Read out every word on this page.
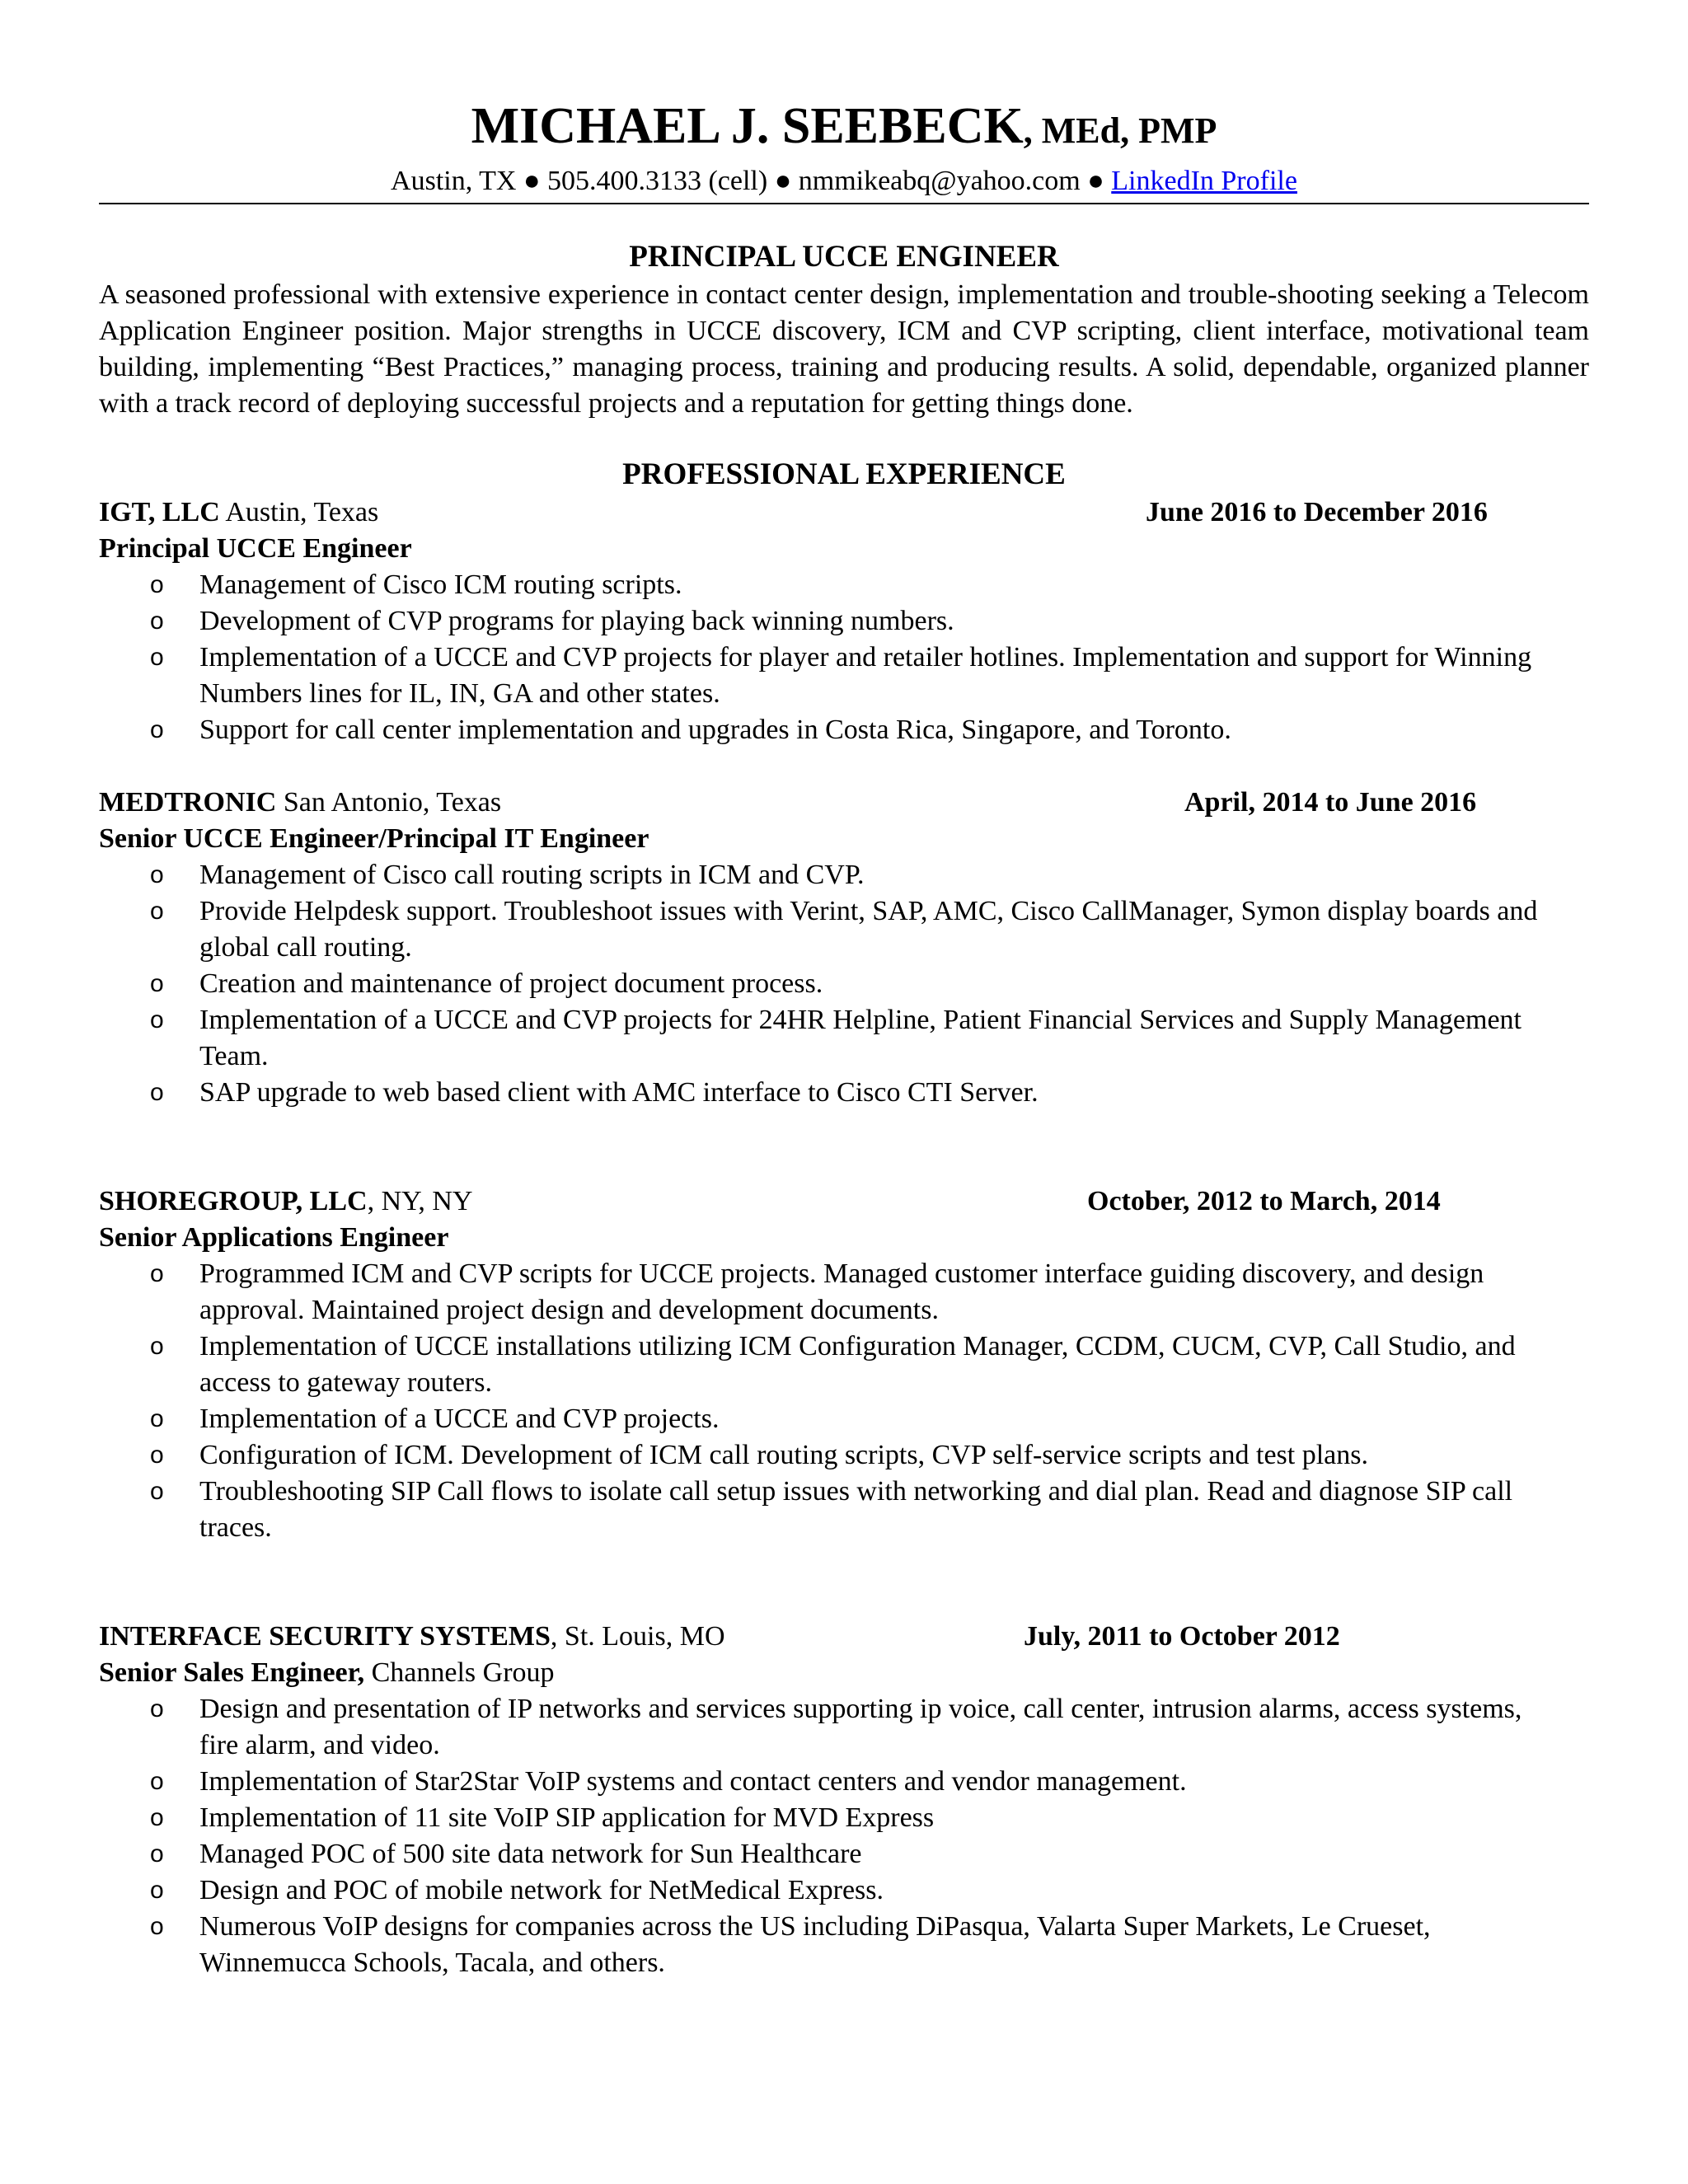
MICHAEL J. SEEBECK, MEd, PMP
Austin, TX ● 505.400.3133 (cell) ● nmmikeabq@yahoo.com ● LinkedIn Profile
PRINCIPAL UCCE ENGINEER

A seasoned professional with extensive experience in contact center design, implementation and trouble-shooting seeking a Telecom Application Engineer position. Major strengths in UCCE discovery, ICM and CVP scripting, client interface, motivational team building, implementing “Best Practices,” managing process, training and producing results. A solid, dependable, organized planner with a track record of deploying successful projects and a reputation for getting things done.

PROFESSIONAL EXPERIENCE
IGT, LLC Austin, Texas	June 2016 to December 2016
Principal UCCE Engineer
o Management of Cisco ICM routing scripts.
o Development of CVP programs for playing back winning numbers.
o Implementation of a UCCE and CVP projects for player and retailer hotlines. Implementation and support for Winning Numbers lines for IL, IN, GA and other states.
o Support for call center implementation and upgrades in Costa Rica, Singapore, and Toronto.
MEDTRONIC San Antonio, Texas	April, 2014 to June 2016
Senior UCCE Engineer/Principal IT Engineer
o Management of Cisco call routing scripts in ICM and CVP.
o Provide Helpdesk support. Troubleshoot issues with Verint, SAP, AMC, Cisco CallManager, Symon display boards and global call routing.
o Creation and maintenance of project document process.
o Implementation of a UCCE and CVP projects for 24HR Helpline, Patient Financial Services and Supply Management Team.
o SAP upgrade to web based client with AMC interface to Cisco CTI Server.
SHOREGROUP, LLC, NY, NY	October, 2012 to March, 2014
Senior Applications Engineer
o Programmed ICM and CVP scripts for UCCE projects. Managed customer interface guiding discovery, and design approval. Maintained project design and development documents.
o Implementation of UCCE installations utilizing ICM Configuration Manager, CCDM, CUCM, CVP, Call Studio, and access to gateway routers.
o Implementation of a UCCE and CVP projects.
o Configuration of ICM. Development of ICM call routing scripts, CVP self-service scripts and test plans.
o Troubleshooting SIP Call flows to isolate call setup issues with networking and dial plan. Read and diagnose SIP call traces.
INTERFACE SECURITY SYSTEMS, St. Louis, MO	July, 2011 to October 2012
Senior Sales Engineer, Channels Group
o Design and presentation of IP networks and services supporting ip voice, call center, intrusion alarms, access systems, fire alarm, and video.
o Implementation of Star2Star VoIP systems and contact centers and vendor management.
o Implementation of 11 site VoIP SIP application for MVD Express
o Managed POC of 500 site data network for Sun Healthcare
o Design and POC of mobile network for NetMedical Express.
o Numerous VoIP designs for companies across the US including DiPasqua, Valarta Super Markets, Le Crueset, Winnemucca Schools, Tacala, and others.
